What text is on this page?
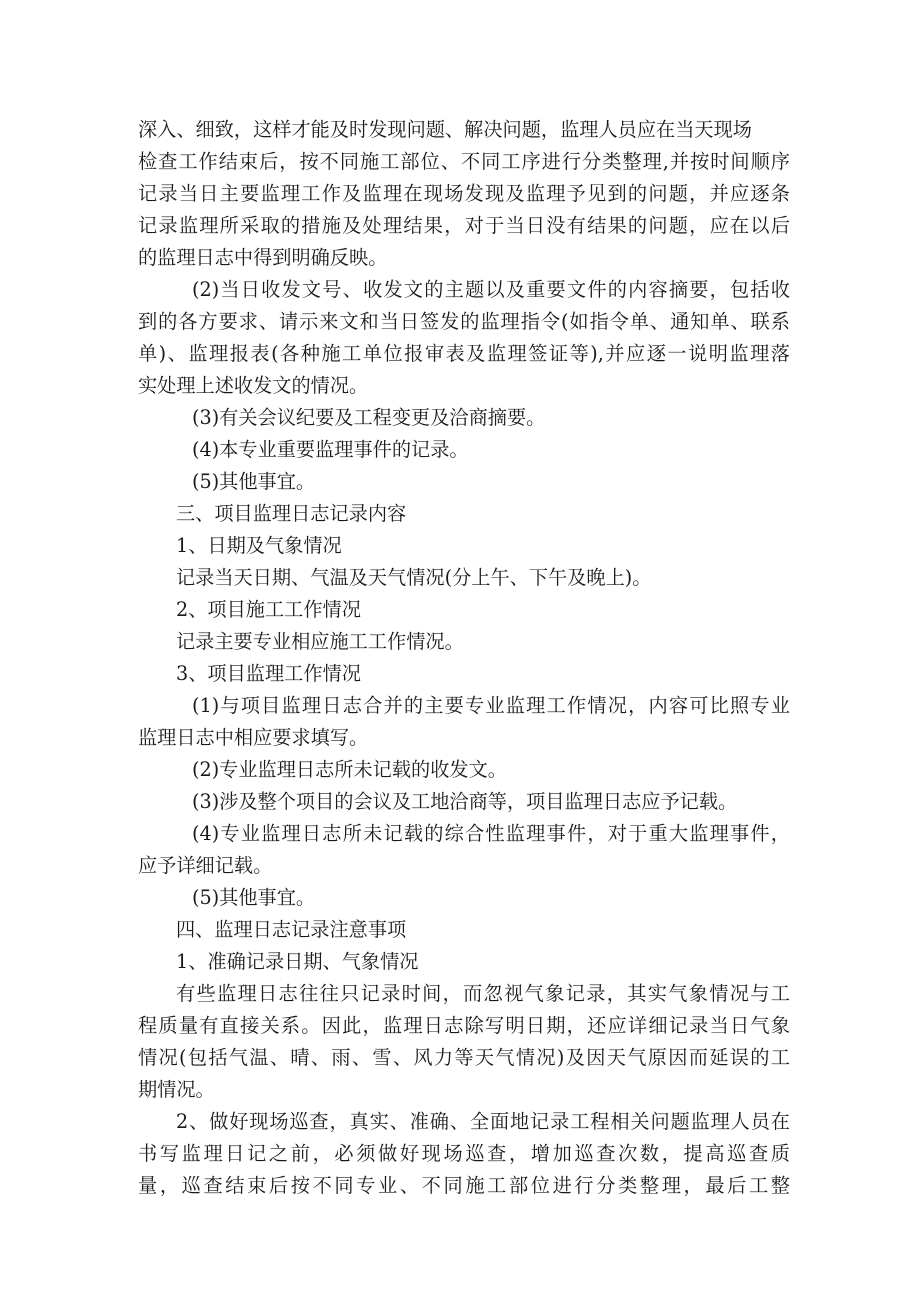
深入、细致，这样才能及时发现问题、解决问题，监理人员应在当天现场
检查工作结束后，按不同施工部位、不同工序进行分类整理,并按时间顺序
记录当日主要监理工作及监理在现场发现及监理予见到的问题，并应逐条
记录监理所采取的措施及处理结果，对于当日没有结果的问题，应在以后
的监理日志中得到明确反映。
(2)当日收发文号、收发文的主题以及重要文件的内容摘要，包括收
到的各方要求、请示来文和当日签发的监理指令(如指令单、通知单、联系
单)、监理报表(各种施工单位报审表及监理签证等),并应逐一说明监理落
实处理上述收发文的情况。
(3)有关会议纪要及工程变更及洽商摘要。
(4)本专业重要监理事件的记录。
(5)其他事宜。
三、项目监理日志记录内容
1、日期及气象情况
记录当天日期、气温及天气情况(分上午、下午及晚上)。
2、项目施工工作情况
记录主要专业相应施工工作情况。
3、项目监理工作情况
(1)与项目监理日志合并的主要专业监理工作情况，内容可比照专业
监理日志中相应要求填写。
(2)专业监理日志所未记载的收发文。
(3)涉及整个项目的会议及工地洽商等，项目监理日志应予记载。
(4)专业监理日志所未记载的综合性监理事件，对于重大监理事件，
应予详细记载。
(5)其他事宜。
四、监理日志记录注意事项
1、准确记录日期、气象情况
有些监理日志往往只记录时间，而忽视气象记录，其实气象情况与工
程质量有直接关系。因此，监理日志除写明日期，还应详细记录当日气象
情况(包括气温、晴、雨、雪、风力等天气情况)及因天气原因而延误的工
期情况。
2、做好现场巡查，真实、准确、全面地记录工程相关问题监理人员在
书写监理日记之前，必须做好现场巡查，增加巡查次数，提高巡查质
量，巡查结束后按不同专业、不同施工部位进行分类整理，最后工整
